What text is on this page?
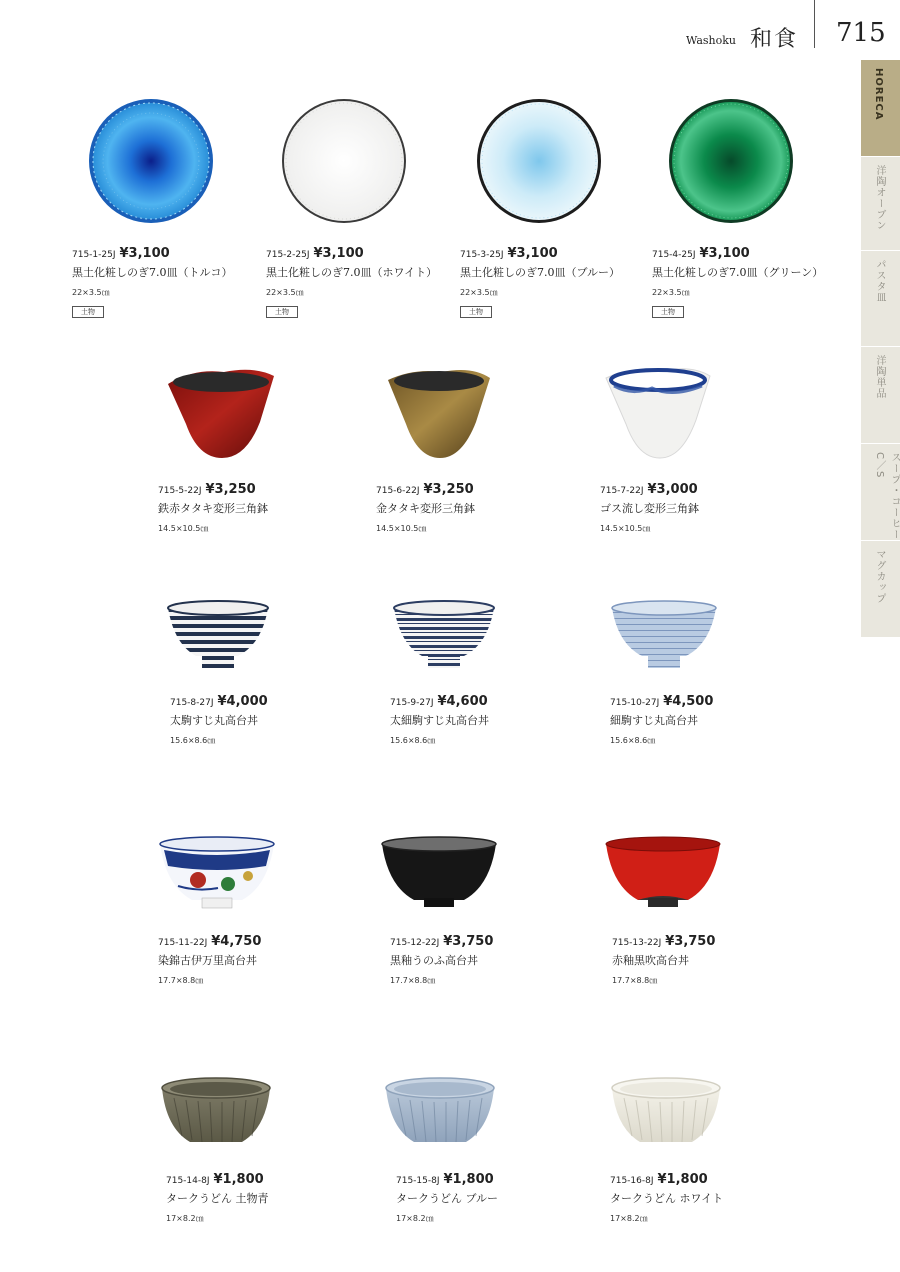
Washoku 和食 715
HORECA
洋陶オーブン
パスタ皿
洋陶単品
スープ・コーヒーC／S
マグカップ
715-1-25J ¥3,100
黒土化粧しのぎ7.0皿（トルコ）
22×3.5㎝
土物
715-2-25J ¥3,100
黒土化粧しのぎ7.0皿（ホワイト）
22×3.5㎝
土物
715-3-25J ¥3,100
黒土化粧しのぎ7.0皿（ブルー）
22×3.5㎝
土物
715-4-25J ¥3,100
黒土化粧しのぎ7.0皿（グリーン）
22×3.5㎝
土物
715-5-22J ¥3,250
鉄赤タタキ変形三角鉢
14.5×10.5㎝
715-6-22J ¥3,250
金タタキ変形三角鉢
14.5×10.5㎝
715-7-22J ¥3,000
ゴス流し変形三角鉢
14.5×10.5㎝
715-8-27J ¥4,000
太駒すじ丸高台丼
15.6×8.6㎝
715-9-27J ¥4,600
太細駒すじ丸高台丼
15.6×8.6㎝
715-10-27J ¥4,500
細駒すじ丸高台丼
15.6×8.6㎝
715-11-22J ¥4,750
染錦古伊万里高台丼
17.7×8.8㎝
715-12-22J ¥3,750
黒釉うのふ高台丼
17.7×8.8㎝
715-13-22J ¥3,750
赤釉黒吹高台丼
17.7×8.8㎝
715-14-8J ¥1,800
タークうどん 土物青
17×8.2㎝
715-15-8J ¥1,800
タークうどん ブルー
17×8.2㎝
715-16-8J ¥1,800
タークうどん ホワイト
17×8.2㎝
